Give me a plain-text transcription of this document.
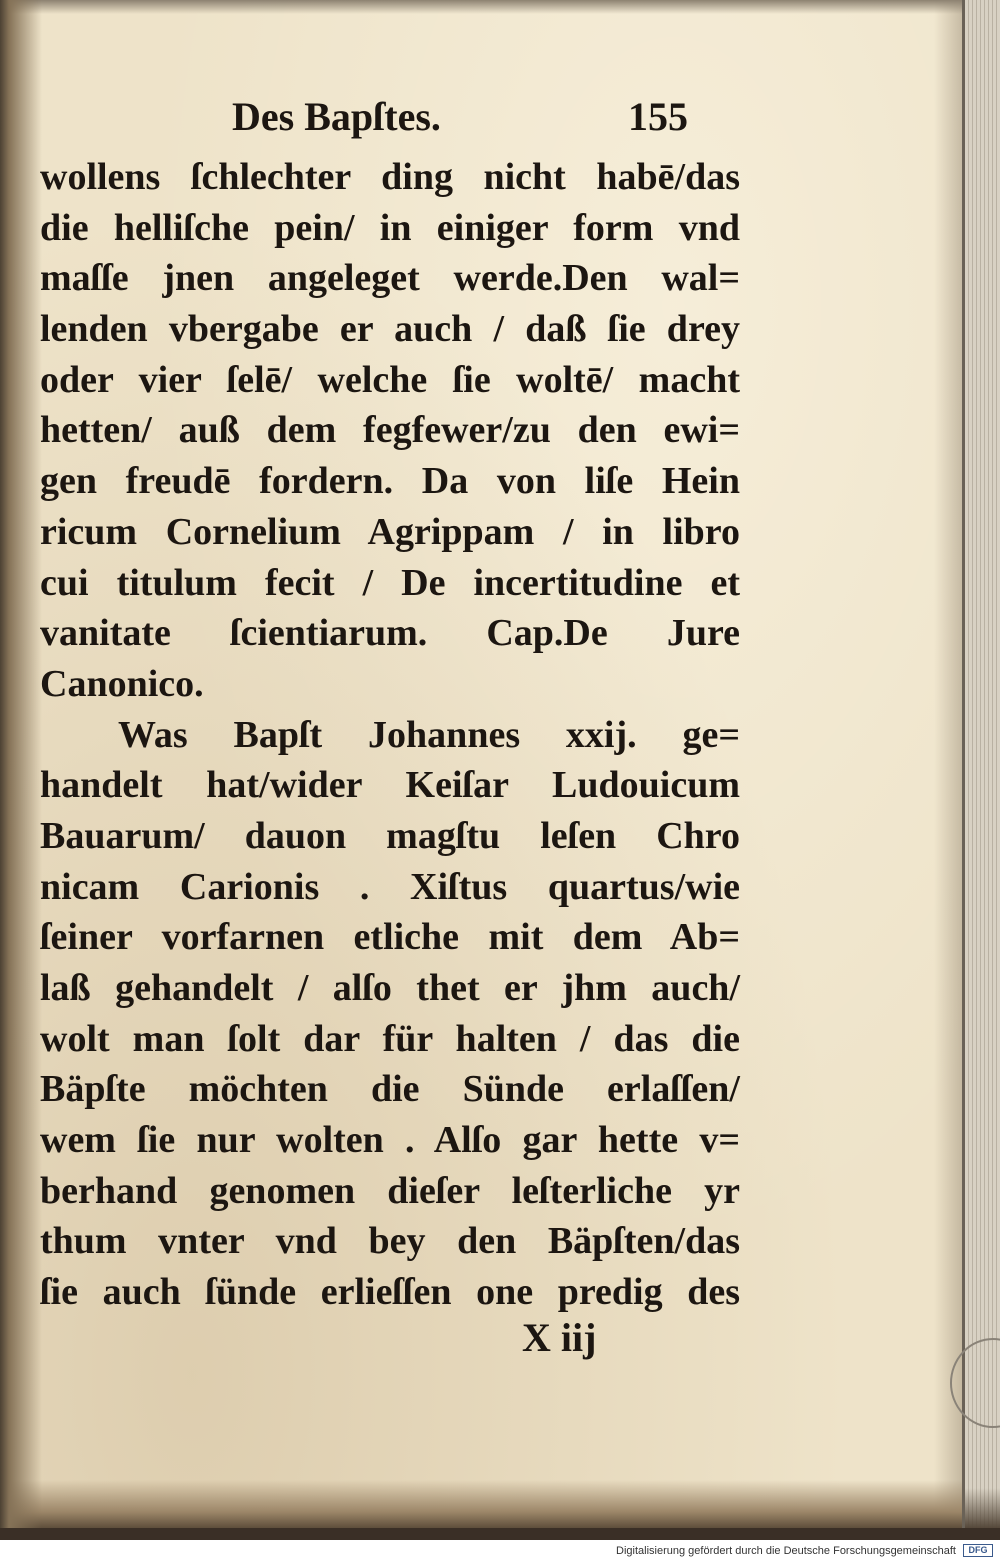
Des Bapſtes.	155
wollens ſchlechter ding nicht habē/das
die helliſche pein/ in einiger form vnd
maſſe jnen angeleget werde.Den wal=
lenden vbergabe er auch / daß ſie drey
oder vier ſelē/ welche ſie woltē/ macht
hetten/ auß dem fegfewer/zu den ewi=
gen freudē fordern. Da von liſe Hein
ricum Cornelium Agrippam / in libro
cui titulum fecit / De incertitudine et
vanitate ſcientiarum. Cap.De Jure
Canonico.
Was Bapſt Johannes xxij. ge=
handelt hat/wider Keiſar Ludouicum
Bauarum/ dauon magſtu leſen Chro
nicam Carionis . Xiſtus quartus/wie
ſeiner vorfarnen etliche mit dem Ab=
laß gehandelt / alſo thet er jhm auch/
wolt man ſolt dar für halten / das die
Bäpſte möchten die Sünde erlaſſen/
wem ſie nur wolten . Alſo gar hette v=
berhand genomen dieſer leſterliche yr
thum vnter vnd bey den Bäpſten/das
ſie auch ſünde erlieſſen one predig des
X iij
Digitalisierung gefördert durch die Deutsche Forschungsgemeinschaft	DFG
